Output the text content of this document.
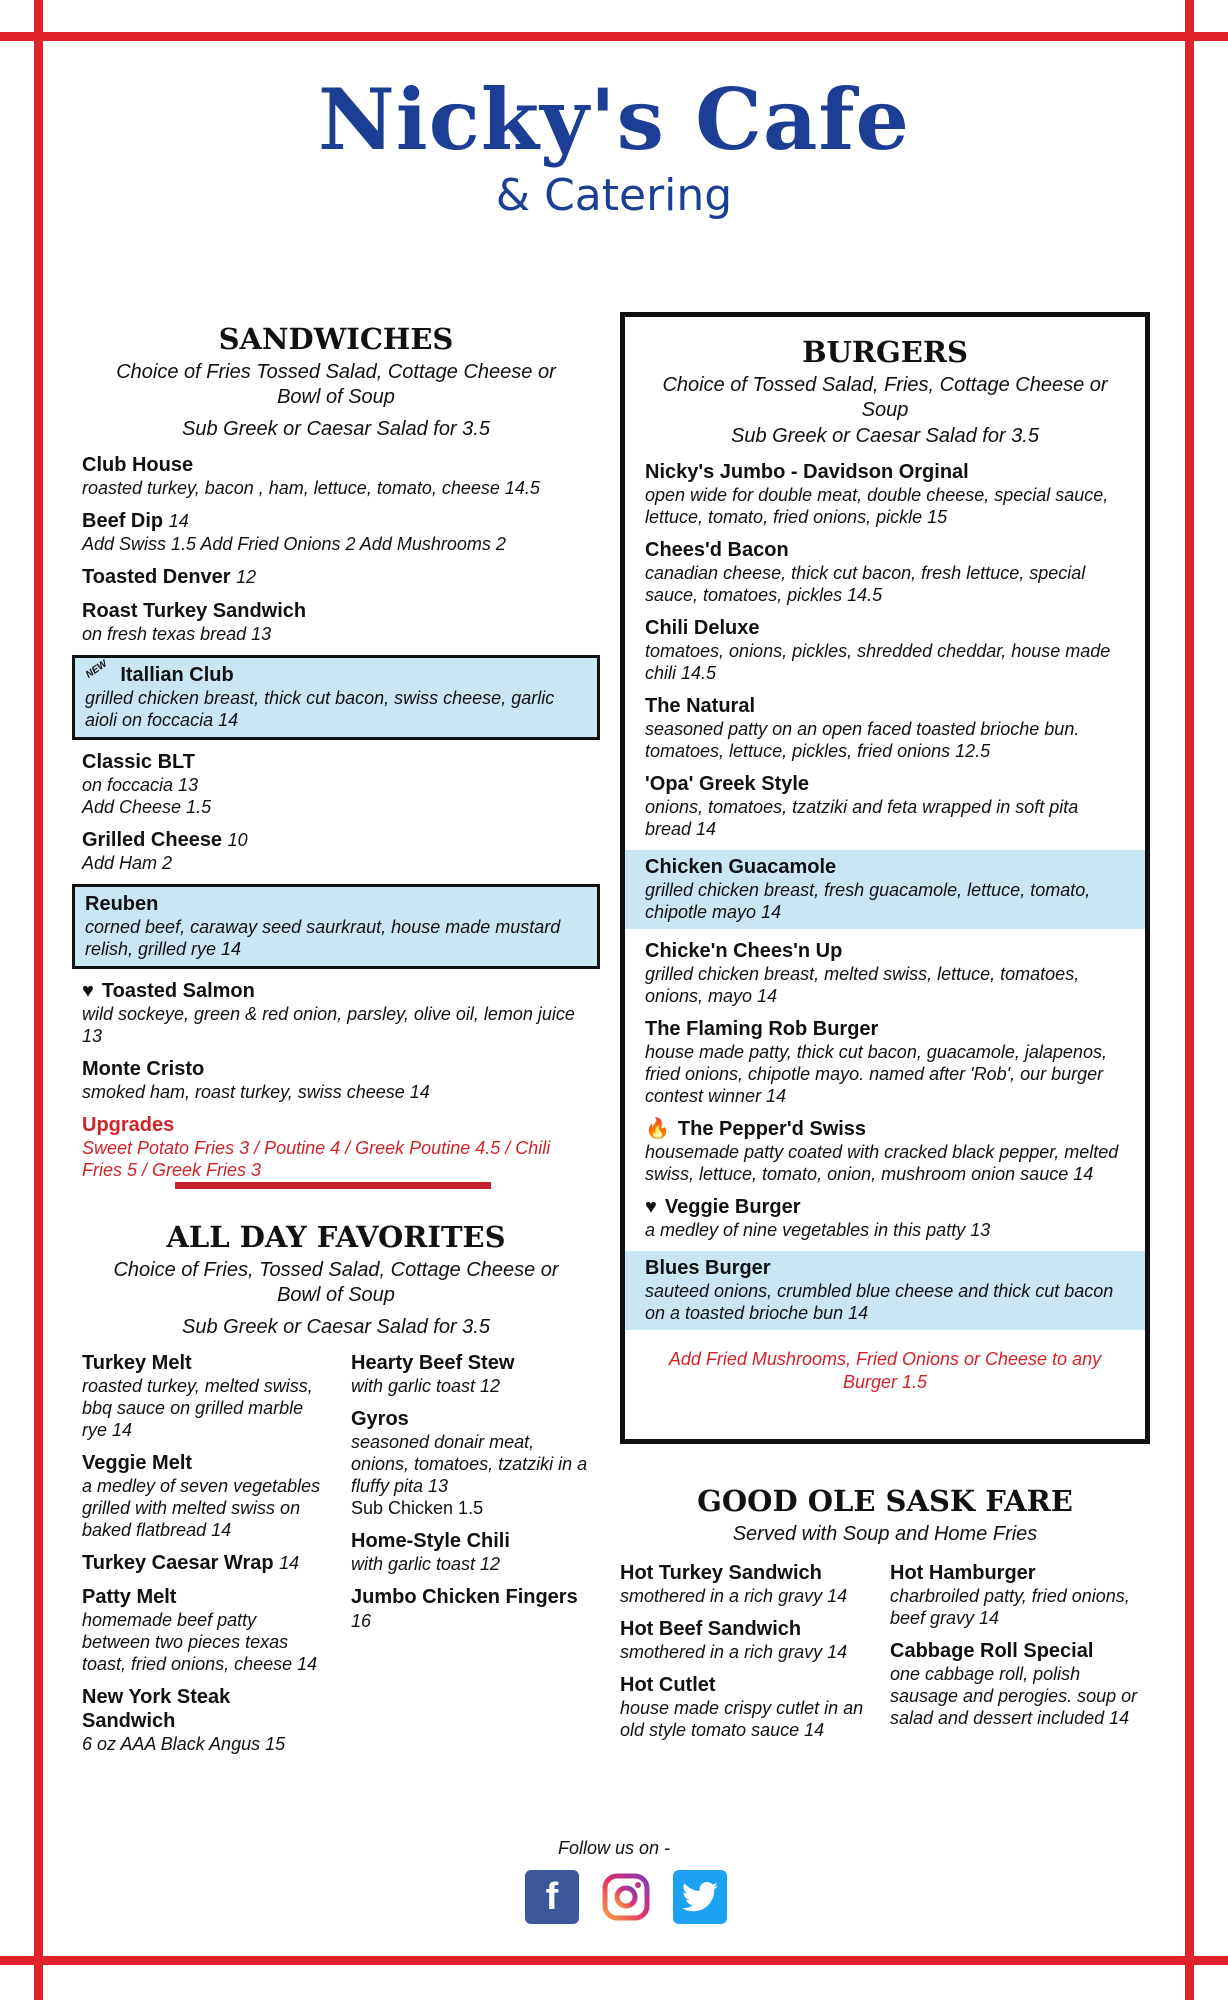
Nicky's Cafe
& Catering
SANDWICHES
Choice of Fries Tossed Salad, Cottage Cheese or Bowl of Soup
Sub Greek or Caesar Salad for 3.5
Club House
roasted turkey, bacon , ham, lettuce, tomato, cheese 14.5
Beef Dip 14
Add Swiss 1.5 Add Fried Onions 2 Add Mushrooms 2
Toasted Denver 12
Roast Turkey Sandwich
on fresh texas bread 13
NEW Itallian Club
grilled chicken breast, thick cut bacon, swiss cheese, garlic aioli on foccacia 14
Classic BLT
on foccacia 13
Add Cheese 1.5
Grilled Cheese 10
Add Ham 2
Reuben
corned beef, caraway seed saurkraut, house made mustard relish, grilled rye 14
♥ Toasted Salmon
wild sockeye, green & red onion, parsley, olive oil, lemon juice 13
Monte Cristo
smoked ham, roast turkey, swiss cheese 14
Upgrades
Sweet Potato Fries 3 / Poutine 4 / Greek Poutine 4.5 / Chili Fries 5 / Greek Fries 3
ALL DAY FAVORITES
Choice of Fries, Tossed Salad, Cottage Cheese or Bowl of Soup
Sub Greek or Caesar Salad for 3.5
Turkey Melt
roasted turkey, melted swiss, bbq sauce on grilled marble rye 14
Veggie Melt
a medley of seven vegetables grilled with melted swiss on baked flatbread 14
Turkey Caesar Wrap 14
Patty Melt
homemade beef patty between two pieces texas toast, fried onions, cheese 14
New York Steak Sandwich
6 oz AAA Black Angus 15
Hearty Beef Stew
with garlic toast 12
Gyros
seasoned donair meat, onions, tomatoes, tzatziki in a fluffy pita 13
Sub Chicken 1.5
Home-Style Chili
with garlic toast 12
Jumbo Chicken Fingers 16
BURGERS
Choice of Tossed Salad, Fries, Cottage Cheese or Soup
Sub Greek or Caesar Salad for 3.5
Nicky's Jumbo - Davidson Orginal
open wide for double meat, double cheese, special sauce, lettuce, tomato, fried onions, pickle 15
Chees'd Bacon
canadian cheese, thick cut bacon, fresh lettuce, special sauce, tomatoes, pickles 14.5
Chili Deluxe
tomatoes, onions, pickles, shredded cheddar, house made chili 14.5
The Natural
seasoned patty on an open faced toasted brioche bun. tomatoes, lettuce, pickles, fried onions 12.5
'Opa' Greek Style
onions, tomatoes, tzatziki and feta wrapped in soft pita bread 14
Chicken Guacamole
grilled chicken breast, fresh guacamole, lettuce, tomato, chipotle mayo 14
Chicke'n Chees'n Up
grilled chicken breast, melted swiss, lettuce, tomatoes, onions, mayo 14
The Flaming Rob Burger
house made patty, thick cut bacon, guacamole, jalapenos, fried onions, chipotle mayo. named after 'Rob', our burger contest winner 14
🔥 The Pepper'd Swiss
housemade patty coated with cracked black pepper, melted swiss, lettuce, tomato, onion, mushroom onion sauce 14
♥ Veggie Burger
a medley of nine vegetables in this patty 13
Blues Burger
sauteed onions, crumbled blue cheese and thick cut bacon on a toasted brioche bun 14
Add Fried Mushrooms, Fried Onions or Cheese to any Burger 1.5
GOOD OLE SASK FARE
Served with Soup and Home Fries
Hot Turkey Sandwich
smothered in a rich gravy 14
Hot Beef Sandwich
smothered in a rich gravy 14
Hot Cutlet
house made crispy cutlet in an old style tomato sauce 14
Hot Hamburger
charbroiled patty, fried onions, beef gravy 14
Cabbage Roll Special
one cabbage roll, polish sausage and perogies. soup or salad and dessert included 14
Follow us on -
f
